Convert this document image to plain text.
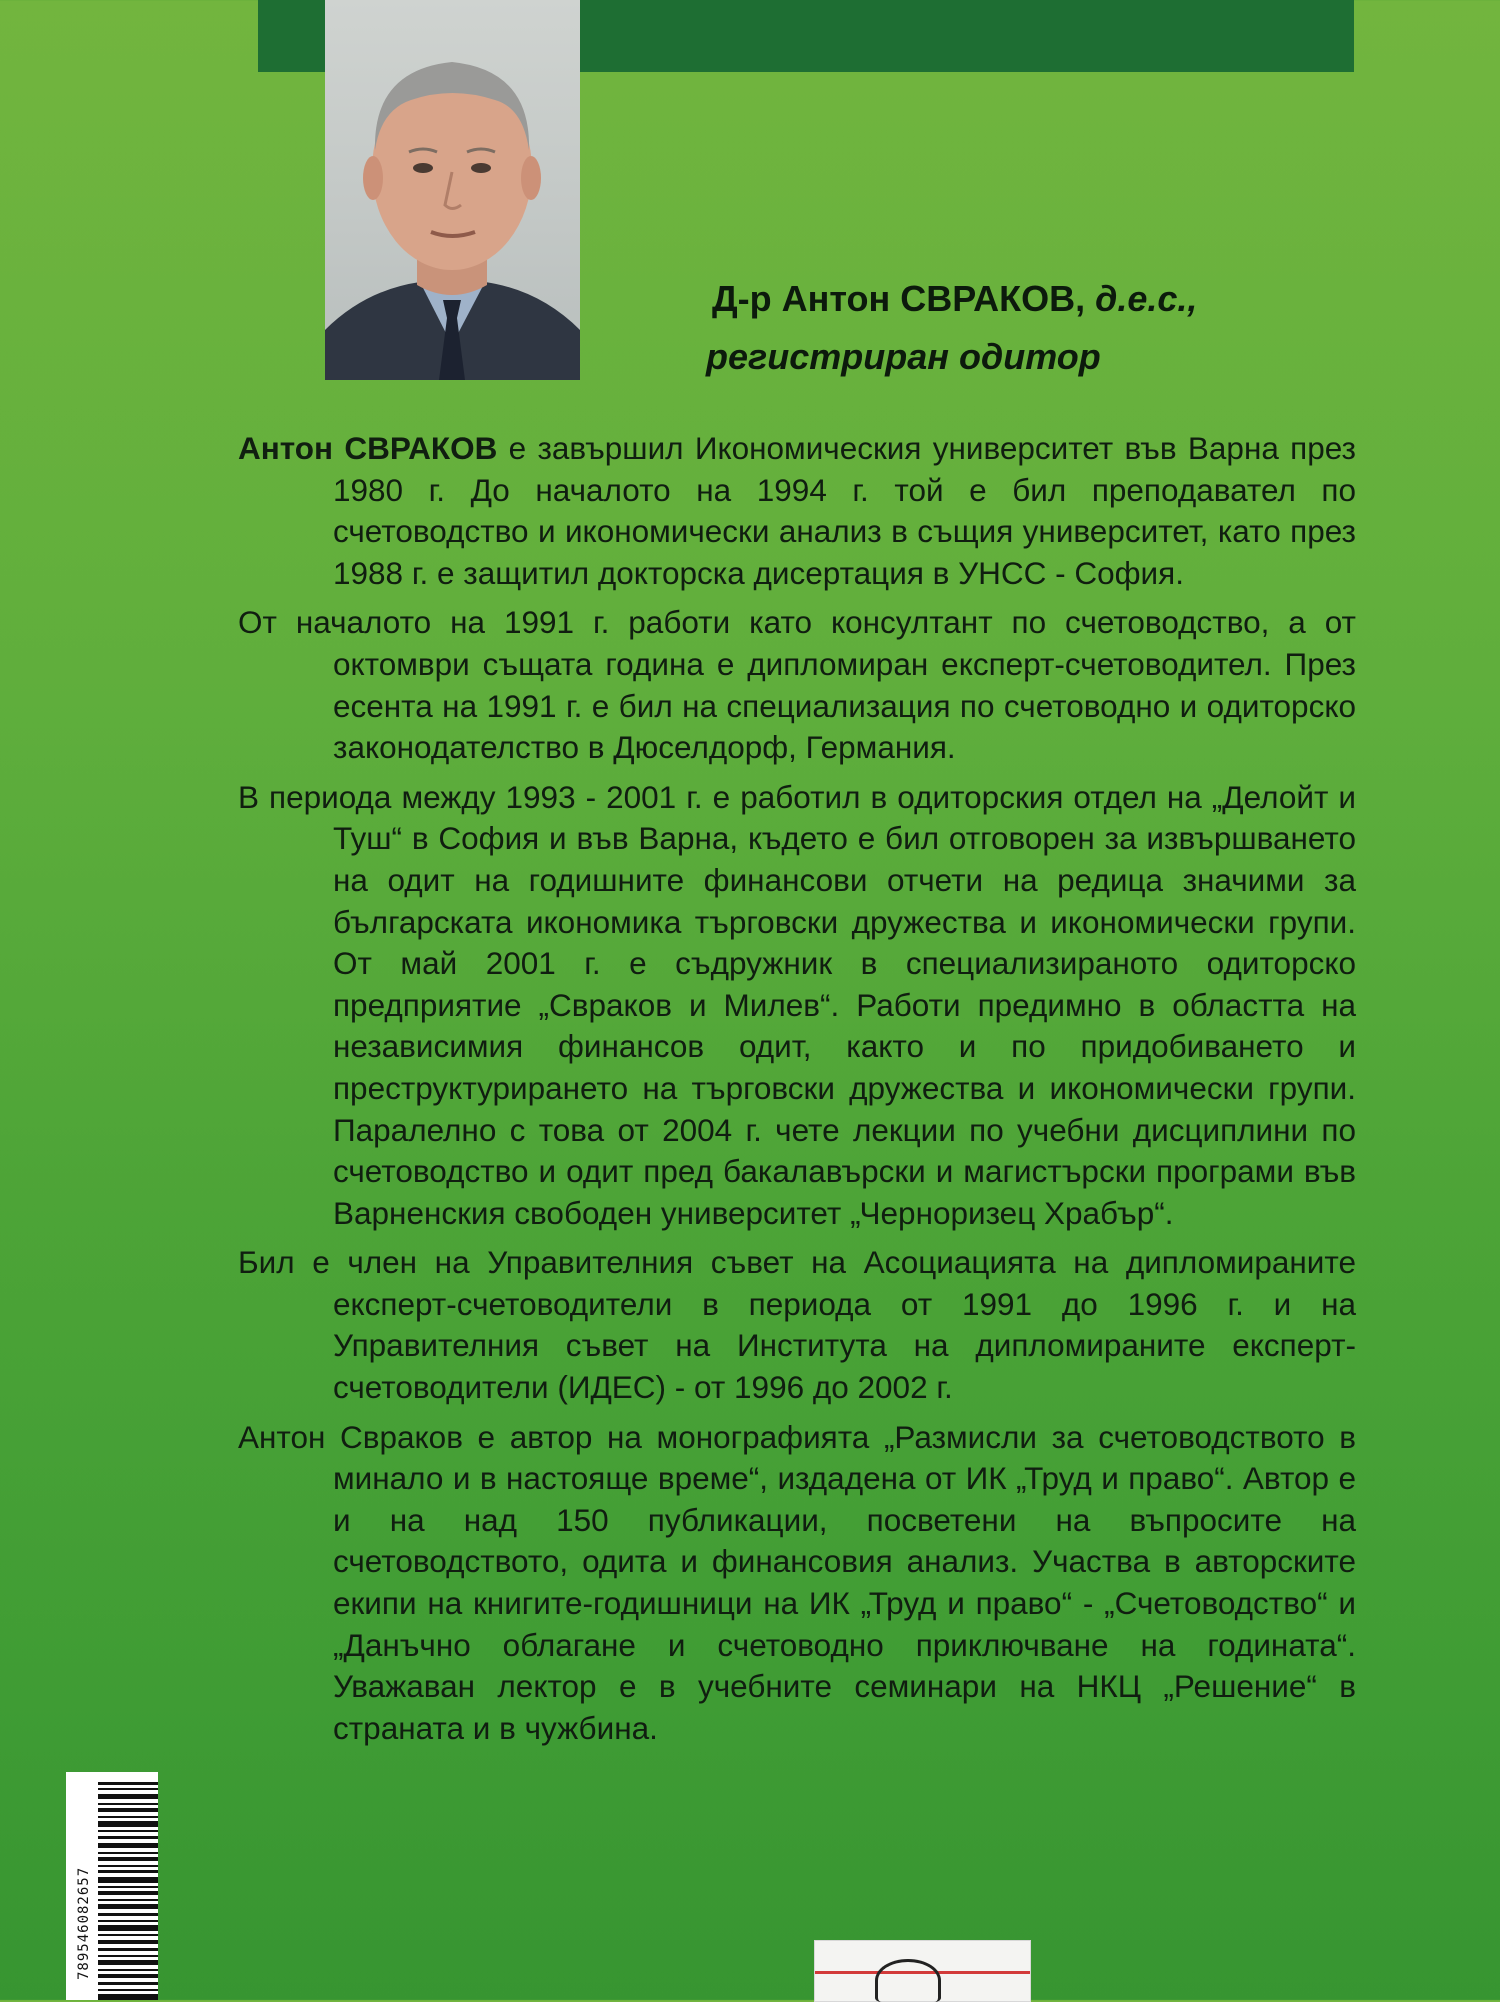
Д-р Антон СВРАКОВ, д.е.с.,
регистриран одитор

Антон СВРАКОВ е завършил Икономическия университет във Варна през 1980 г. До началото на 1994 г. той е бил преподавател по счетоводство и икономически анализ в същия университет, като през 1988 г. е защитил докторска дисертация в УНСС - София.

От началото на 1991 г. работи като консултант по счетоводство, а от октомври същата година е дипломиран експерт-счетоводител. През есента на 1991 г. е бил на специализация по счетоводно и одиторско законодателство в Дюселдорф, Германия.

В периода между 1993 - 2001 г. е работил в одиторския отдел на „Делойт и Туш“ в София и във Варна, където е бил отговорен за извършването на одит на годишните финансови отчети на редица значими за българската икономика търговски дружества и икономически групи. От май 2001 г. е съдружник в специализираното одиторско предприятие „Свраков и Милев“. Работи предимно в областта на независимия финансов одит, както и по придобиването и преструктурирането на търговски дружества и икономически групи. Паралелно с това от 2004 г. чете лекции по учебни дисциплини по счетоводство и одит пред бакалавърски и магистърски програми във Варненския свободен университет „Черноризец Храбър“.

Бил е член на Управителния съвет на Асоциацията на дипломираните експерт-счетоводители в периода от 1991 до 1996 г. и на Управителния съвет на Института на дипломираните експерт-счетоводители (ИДЕС) - от 1996 до 2002 г.

Антон Свраков е автор на монографията „Размисли за счетоводството в минало и в настояще време“, издадена от ИК „Труд и право“. Автор е и на над 150 публикации, посветени на въпросите на счетоводството, одита и финансовия анализ. Участва в авторските екипи на книгите-годишници на ИК „Труд и право“ - „Счетоводство“ и „Данъчно облагане и счетоводно приключване на годината“. Уважаван лектор е в учебните семинари на НКЦ „Решение“ в страната и в чужбина.

789546082657
